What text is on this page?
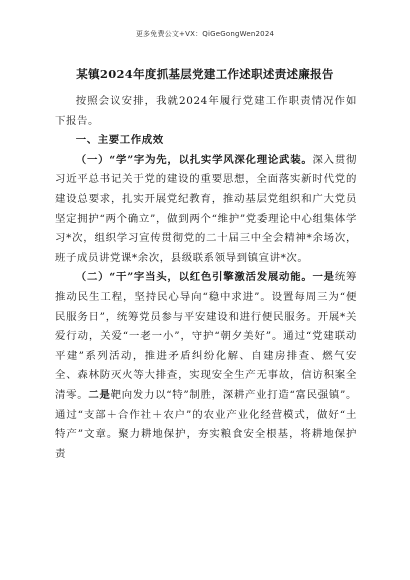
更多免费公文+VX：QiGeGongWen2024
某镇2024年度抓基层党建工作述职述责述廉报告

按照会议安排，我就2024年履行党建工作职责情况作如下报告。

一、主要工作成效

（一）“学”字为先，以扎实学风深化理论武装。深入贯彻习近平总书记关于党的建设的重要思想，全面落实新时代党的建设总要求，扎实开展党纪教育，推动基层党组织和广大党员坚定拥护“两个确立”，做到两个“维护”党委理论中心组集体学习*次，组织学习宣传贯彻党的二十届三中全会精神*余场次，班子成员讲党课*余次，县级联系领导到镇宣讲*次。

（二）“干”字当头，以红色引擎激活发展动能。一是统筹推动民生工程，坚持民心导向“稳中求进”。设置每周三为“便民服务日”，统筹党员参与平安建设和进行便民服务。开展*关爱行动，关爱“一老一小”，守护“朝夕美好”。通过“党建联动平建”系列活动，推进矛盾纠纷化解、自建房排查、燃气安全、森林防灭火等大排查，实现安全生产无事故，信访积案全清零。二是靶向发力以“特”制胜，深耕产业打造“富民强镇”。通过“支部＋合作社＋农户”的农业产业化经营模式，做好“土特产”文章。聚力耕地保护，夯实粮食安全根基，将耕地保护责
